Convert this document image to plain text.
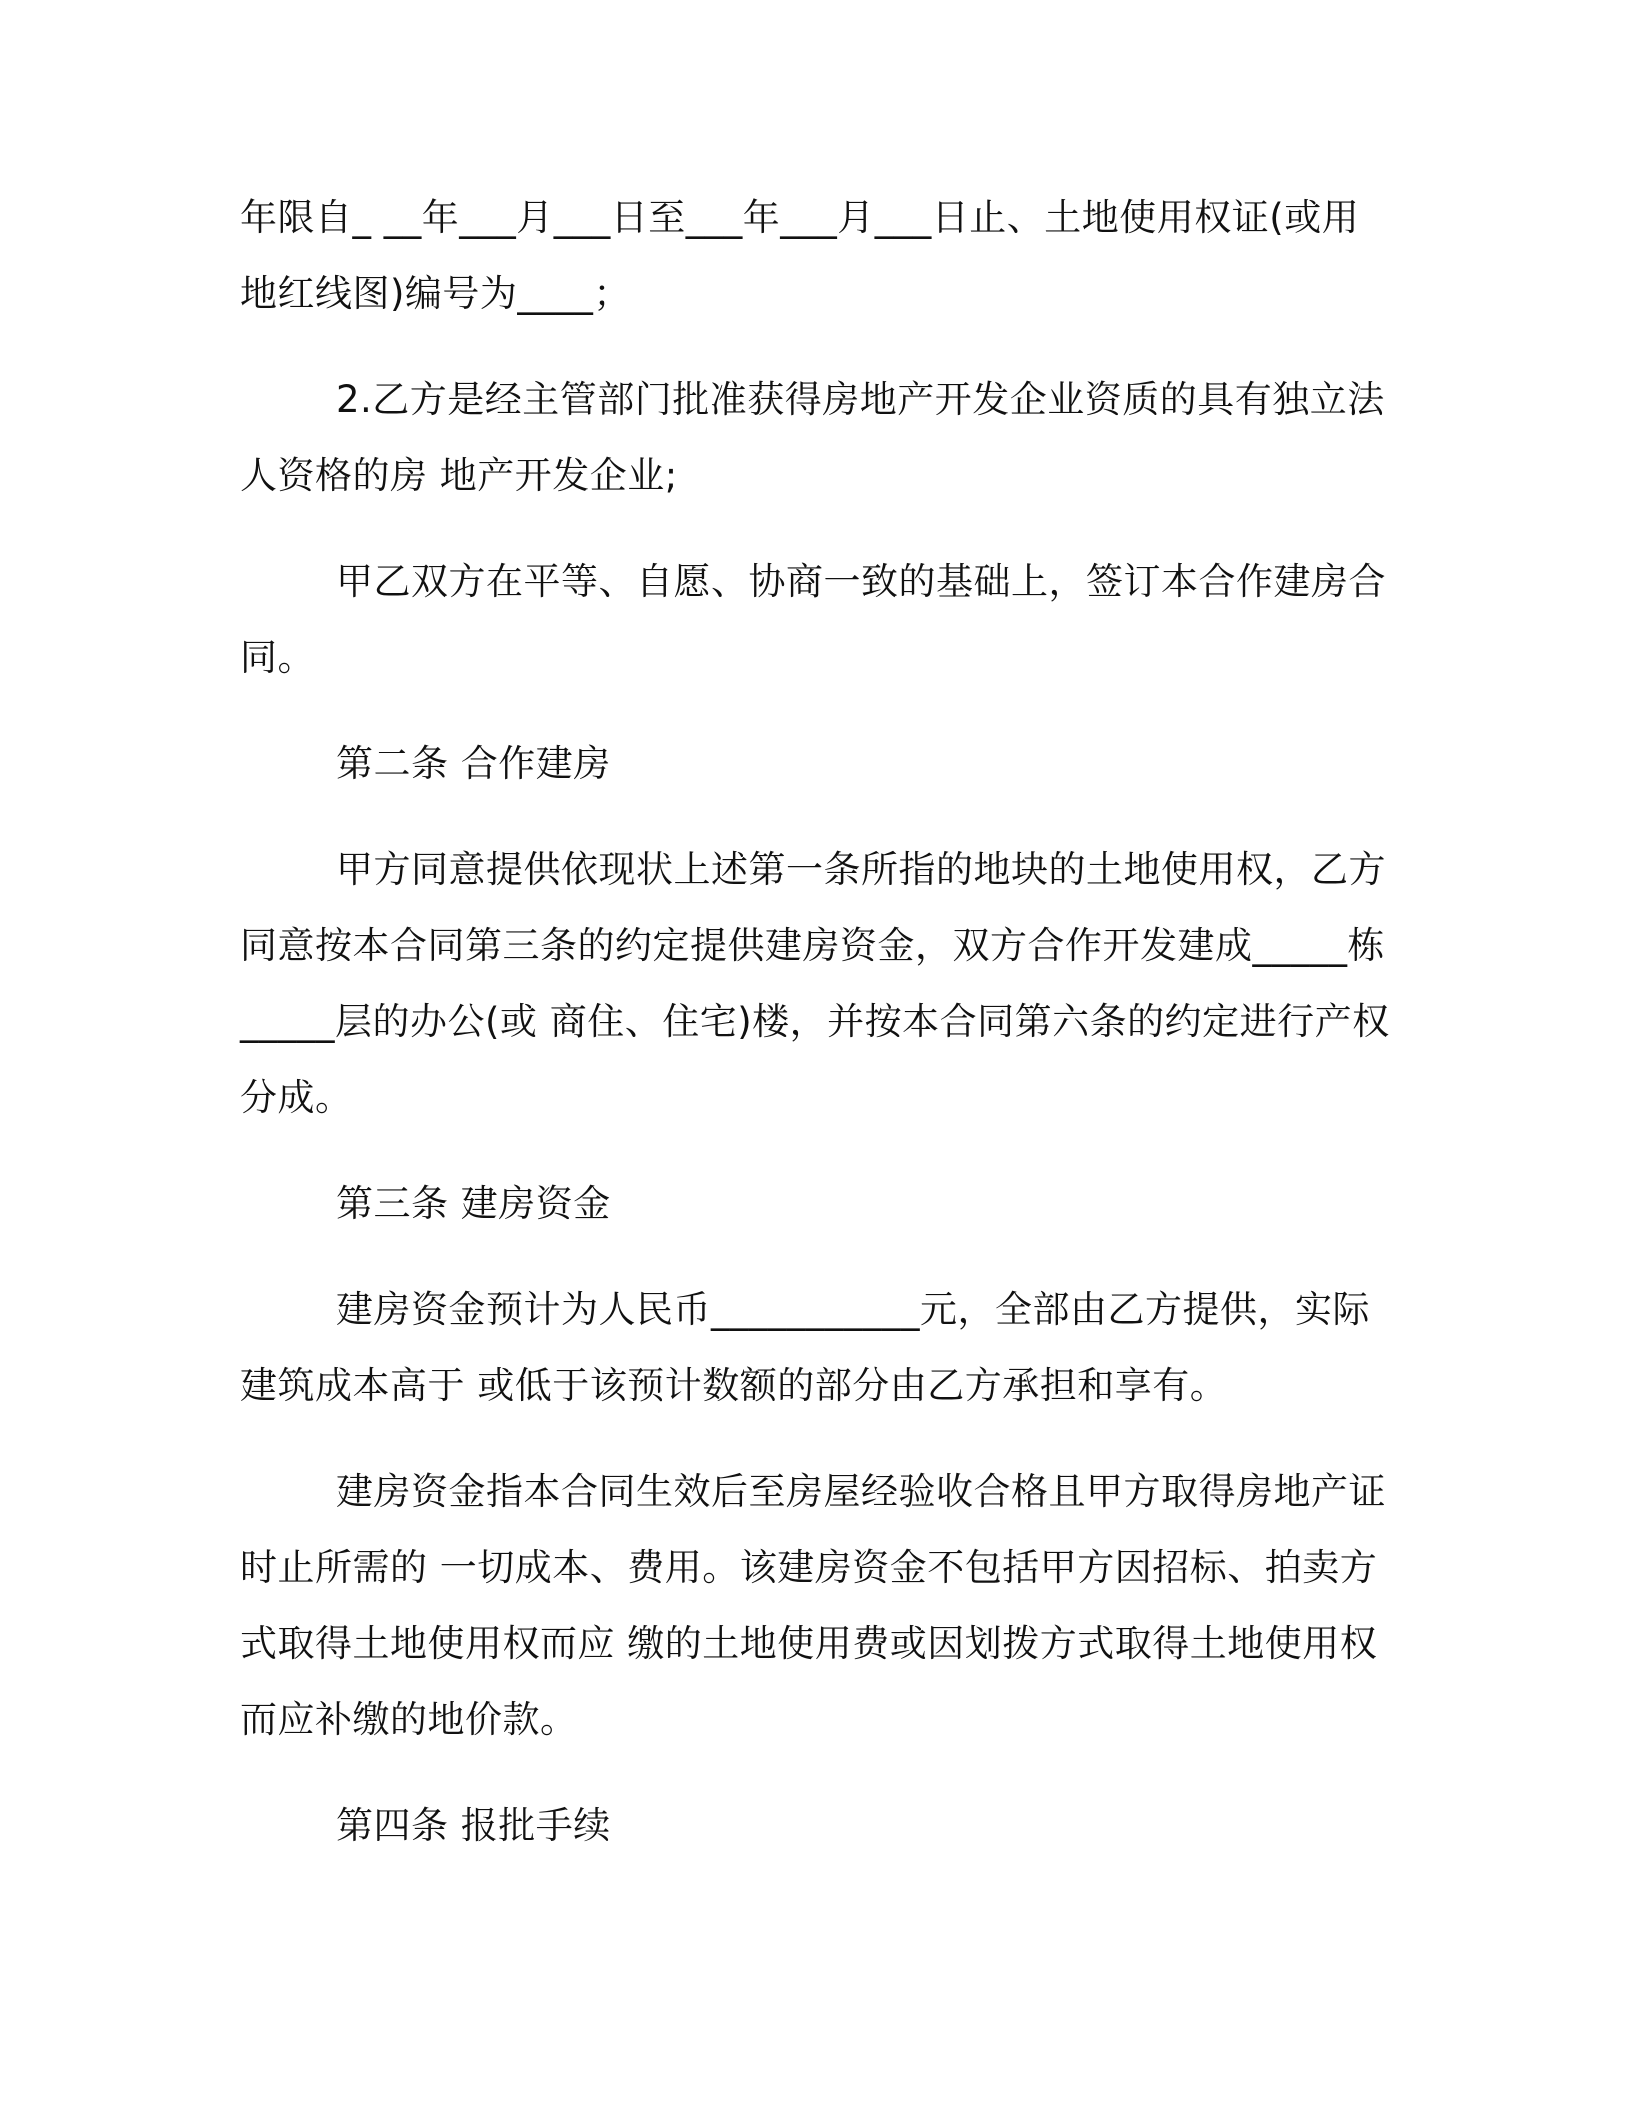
年限自_ __年___月___日至___年___月___日止、土地使用权证(或用
地红线图)编号为____；
2.乙方是经主管部门批准获得房地产开发企业资质的具有独立法
人资格的房 地产开发企业;
甲乙双方在平等、自愿、协商一致的基础上，签订本合作建房合
同。
第二条 合作建房
甲方同意提供依现状上述第一条所指的地块的土地使用权，乙方
同意按本合同第三条的约定提供建房资金，双方合作开发建成_____栋
_____层的办公(或 商住、住宅)楼，并按本合同第六条的约定进行产权
分成。
第三条 建房资金
建房资金预计为人民币___________元，全部由乙方提供，实际
建筑成本高于 或低于该预计数额的部分由乙方承担和享有。
建房资金指本合同生效后至房屋经验收合格且甲方取得房地产证
时止所需的 一切成本、费用。该建房资金不包括甲方因招标、拍卖方
式取得土地使用权而应 缴的土地使用费或因划拨方式取得土地使用权
而应补缴的地价款。
第四条 报批手续
